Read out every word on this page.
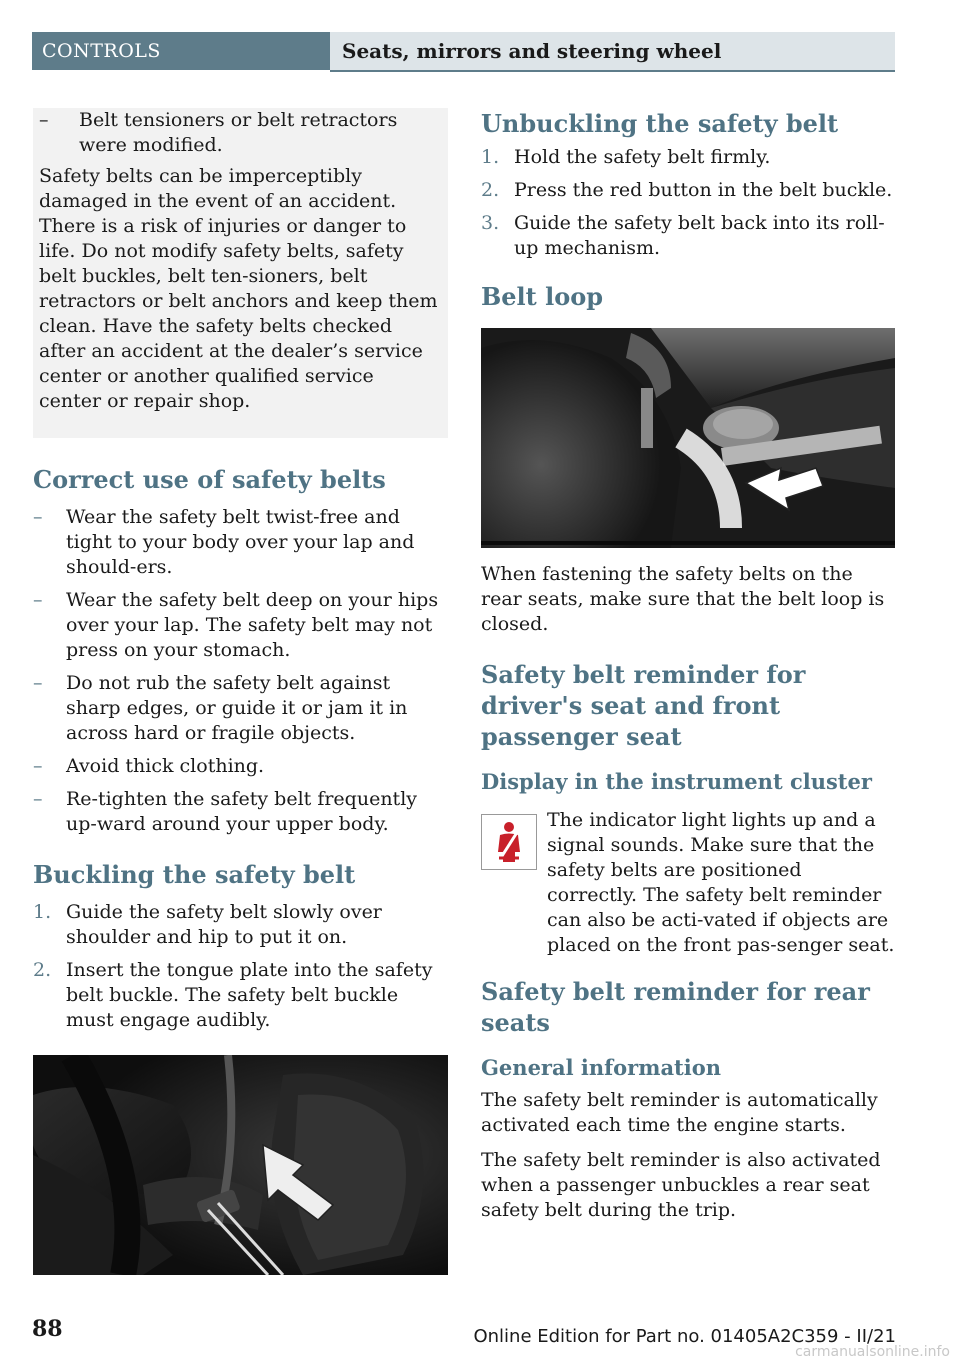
CONTROLS	Seats, mirrors and steering wheel
– Belt tensioners or belt retractors were modified.

Safety belts can be imperceptibly damaged in the event of an accident. There is a risk of injuries or danger to life. Do not modify safety belts, safety belt buckles, belt ten‐sioners, belt retractors or belt anchors and keep them clean. Have the safety belts checked after an accident at the dealer’s service center or another qualified service center or repair shop.

Correct use of safety belts
– Wear the safety belt twist-free and tight to your body over your lap and should‐ers.
– Wear the safety belt deep on your hips over your lap. The safety belt may not press on your stomach.
– Do not rub the safety belt against sharp edges, or guide it or jam it in across hard or fragile objects.
– Avoid thick clothing.
– Re-tighten the safety belt frequently up‐ward around your upper body.
Buckling the safety belt
1. Guide the safety belt slowly over shoulder and hip to put it on.
2. Insert the tongue plate into the safety belt buckle. The safety belt buckle must engage audibly.
Unbuckling the safety belt
1. Hold the safety belt firmly.
2. Press the red button in the belt buckle.
3. Guide the safety belt back into its roll‐up mechanism.
Belt loop

When fastening the safety belts on the rear seats, make sure that the belt loop is closed.

Safety belt reminder for driver's seat and front passenger seat
Display in the instrument cluster

The indicator light lights up and a signal sounds. Make sure that the safety belts are positioned correctly. The safety belt reminder can also be acti‐vated if objects are placed on the front pas‐senger seat.

Safety belt reminder for rear seats
General information

The safety belt reminder is automatically activated each time the engine starts.

The safety belt reminder is also activated when a passenger unbuckles a rear seat safety belt during the trip.

88	Online Edition for Part no. 01405A2C359 - II/21
carmanualsonline.info
